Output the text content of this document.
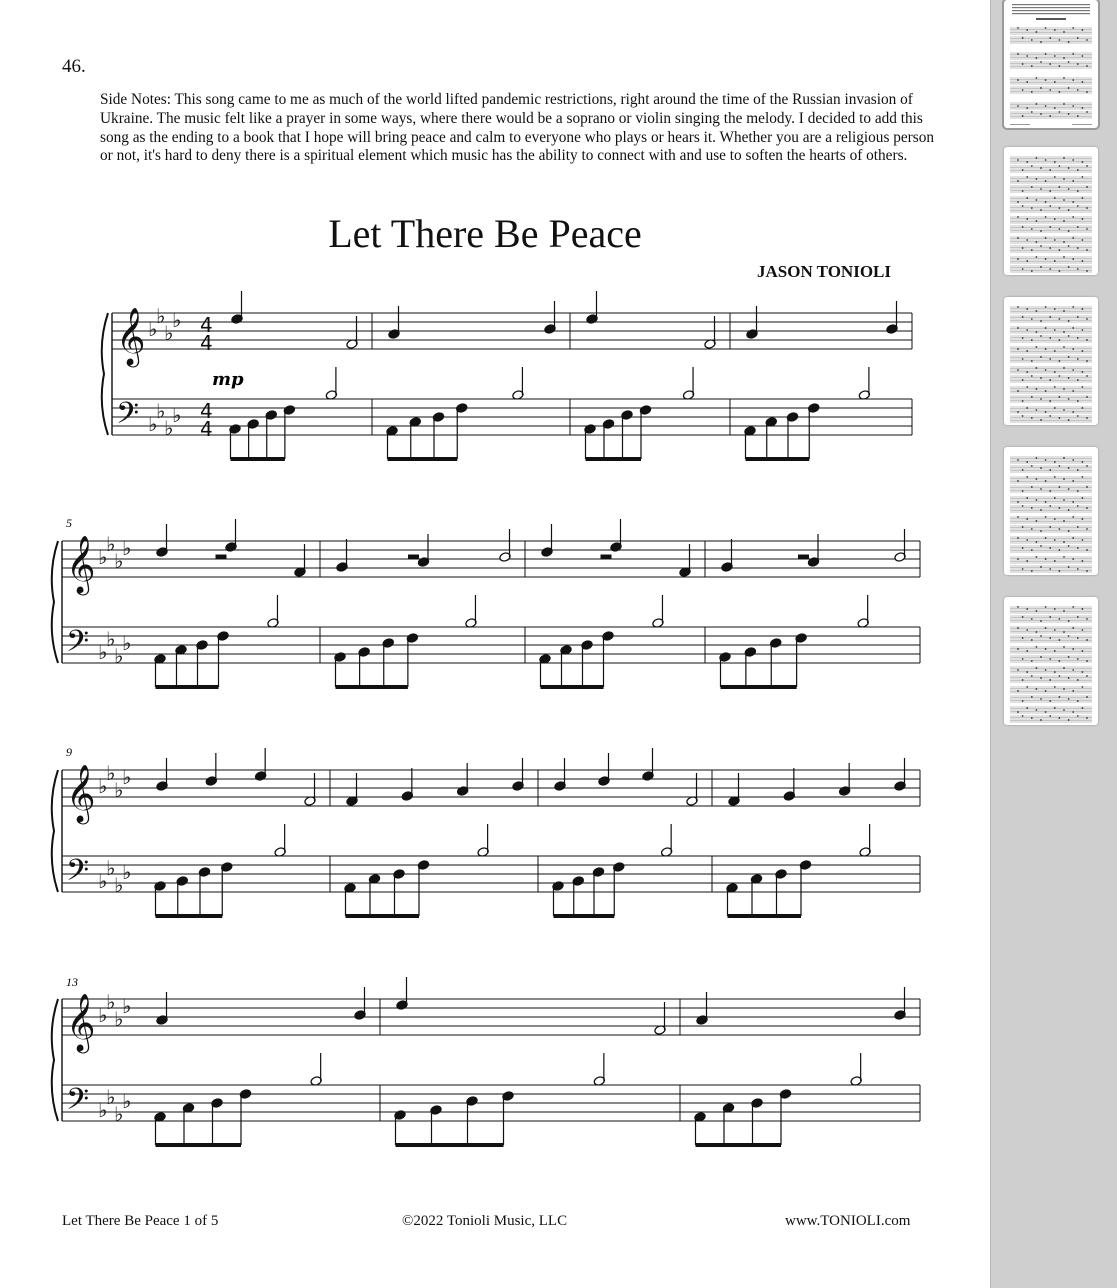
46.
Side Notes: This song came to me as much of the world lifted pandemic restrictions, right around the time of the Russian invasion of Ukraine. The music felt like a prayer in some ways, where there would be a soprano or violin singing the melody. I decided to add this song as the ending to a book that I hope will bring peace and calm to everyone who plays or hears it. Whether you are a religious person or not, it's hard to deny there is a spiritual element which music has the ability to connect with and use to soften the hearts of others.
Let There Be Peace
JASON TONIOLI
𝄞
𝄢
♭
♭
♭
♭
♭
♭
♭
♭
4
4
4
4
𝄞
𝄢
♭
♭
♭
♭
♭
♭
♭
♭
𝄞
𝄢
♭
♭
♭
♭
♭
♭
♭
♭
𝄞
𝄢
♭
♭
♭
♭
♭
♭
♭
♭
mp
5
9
13
Let There Be Peace 1 of 5	©2022 Tonioli Music, LLC	www.TONIOLI.com
